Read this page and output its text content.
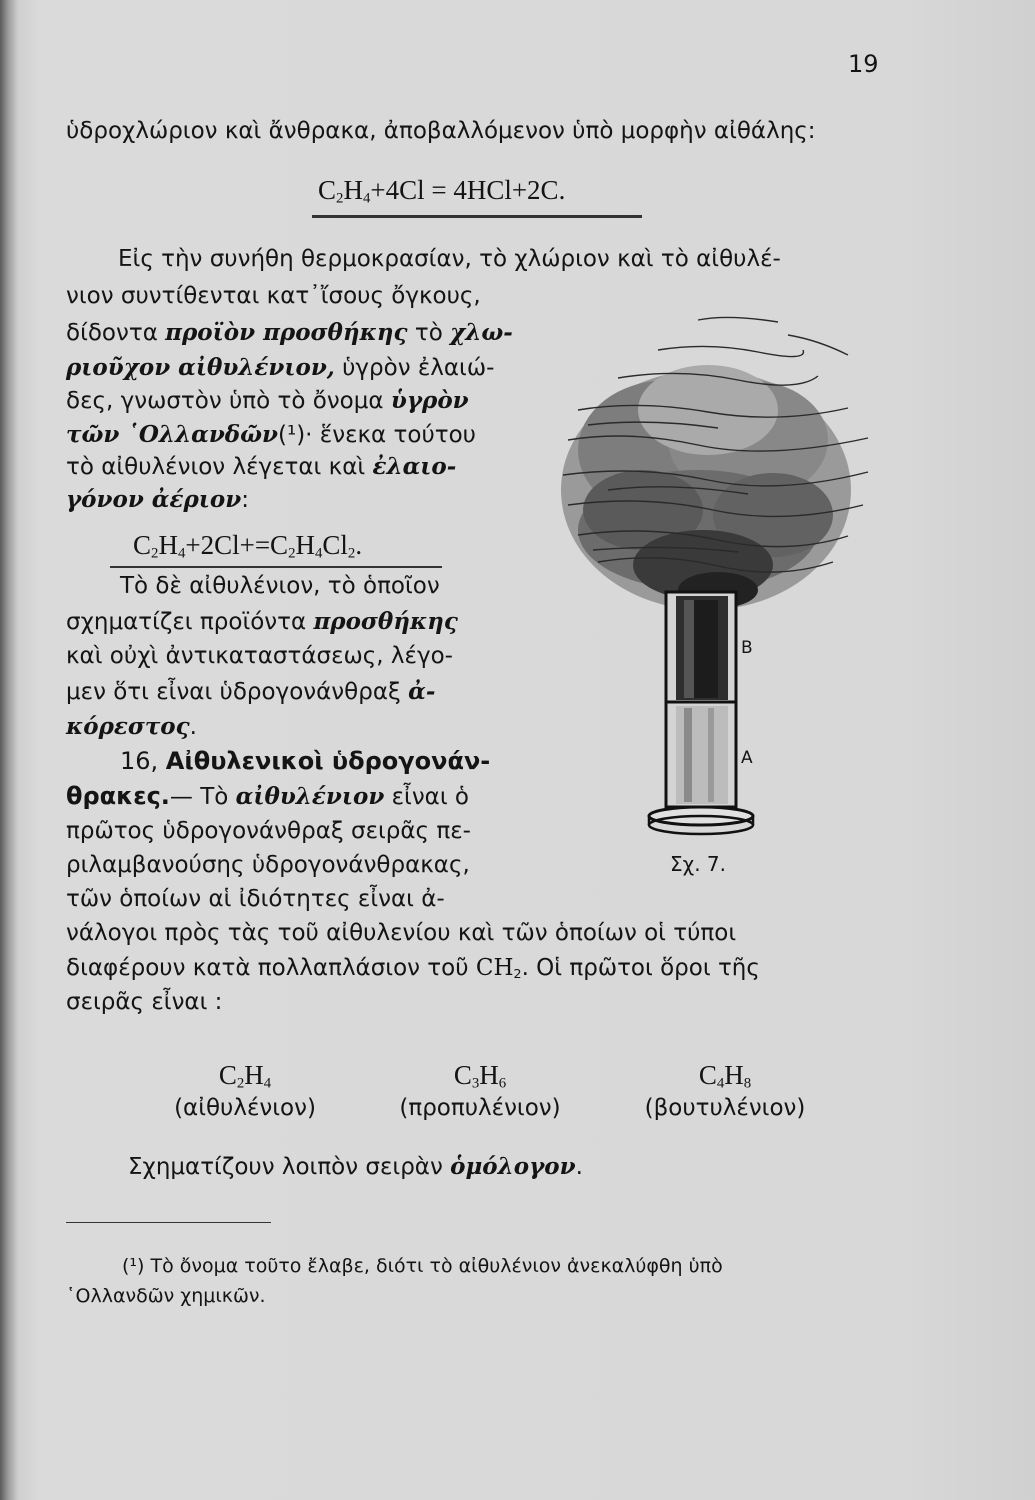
19
ὑδροχλώριον καὶ ἄνθρακα, ἀποβαλλόμενον ὑπὸ μορφὴν αἰθάλης:
$C_2H_4+4Cl = 4HCl+2C$.
Εἰς τὴν συνήθη θερμοκρασίαν, τὸ χλώριον καὶ τὸ αἰθυλέ-
νιον συντίθενται κατ᾽ἴσους ὄγκους,
δίδοντα προϊὸν προσθήκης τὸ χλω-
ριοῦχον αἰθυλένιον, ὑγρὸν ἐλαιώ-
δες, γνωστὸν ὑπὸ τὸ ὄνομα ὑγρὸν
τῶν ῾Ολλανδῶν(¹)· ἕνεκα τούτου
τὸ αἰθυλένιον λέγεται καὶ ἐλαιο-
γόνον ἀέριον:
$C_2H_4+2Cl+=C_2H_4Cl_2$.
Τὸ δὲ αἰθυλένιον, τὸ ὁποῖον
σχηματίζει προϊόντα προσθήκης
καὶ οὐχὶ ἀντικαταστάσεως, λέγο-
μεν ὅτι εἶναι ὑδρογονάνθραξ ἀ-
κόρεστος.
16, Αἰθυλενικοὶ ὑδρογονάν-
θρακες.— Τὸ αἰθυλένιον εἶναι ὁ
πρῶτος ὑδρογονάνθραξ σειρᾶς πε-
ριλαμβανούσης ὑδρογονάνθρακας,
τῶν ὁποίων αἱ ἰδιότητες εἶναι ἀ-
νάλογοι πρὸς τὰς τοῦ αἰθυλενίου καὶ τῶν ὁποίων οἱ τύποι
διαφέρουν κατὰ πολλαπλάσιον τοῦ $CH_2$. Οἱ πρῶτοι ὅροι τῆς
σειρᾶς εἶναι :
$C_2H_4$
(αἰθυλένιον)
$C_3H_6$
(προπυλένιον)
$C_4H_8$
(βουτυλένιον)
Σχηματίζουν λοιπὸν σειρὰν ὁμόλογον.
(¹) Τὸ ὄνομα τοῦτο ἔλαβε, διότι τὸ αἰθυλένιον ἀνεκαλύφθη ὑπὸ
῾Ολλανδῶν χημικῶν.
B
A
Σχ. 7.
